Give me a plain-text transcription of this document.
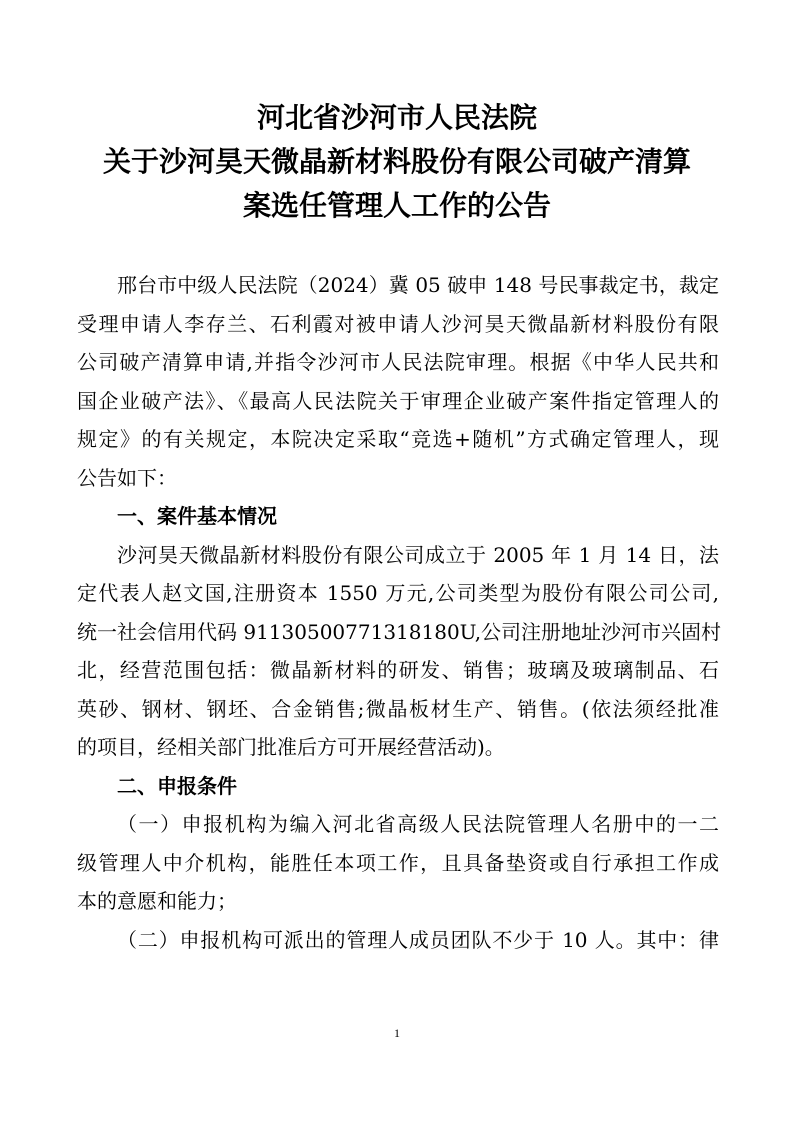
河北省沙河市人民法院
关于沙河昊天微晶新材料股份有限公司破产清算
案选任管理人工作的公告
邢台市中级人民法院（2024）冀 05 破申 148 号民事裁定书，裁定
受理申请人李存兰、石利霞对被申请人沙河昊天微晶新材料股份有限
公司破产清算申请,并指令沙河市人民法院审理。根据《中华人民共和
国企业破产法》、《最高人民法院关于审理企业破产案件指定管理人的
规定》的有关规定，本院决定采取“竞选+随机”方式确定管理人，现
公告如下：
一、案件基本情况
沙河昊天微晶新材料股份有限公司成立于 2005 年 1 月 14 日，法
定代表人赵文国,注册资本 1550 万元,公司类型为股份有限公司公司,
统一社会信用代码 91130500771318180U,公司注册地址沙河市兴固村
北，经营范围包括：微晶新材料的研发、销售；玻璃及玻璃制品、石
英砂、钢材、钢坯、合金销售;微晶板材生产、销售。(依法须经批准
的项目，经相关部门批准后方可开展经营活动)。
二、申报条件
（一）申报机构为编入河北省高级人民法院管理人名册中的一二
级管理人中介机构，能胜任本项工作，且具备垫资或自行承担工作成
本的意愿和能力；
（二）申报机构可派出的管理人成员团队不少于 10 人。其中：律
1
